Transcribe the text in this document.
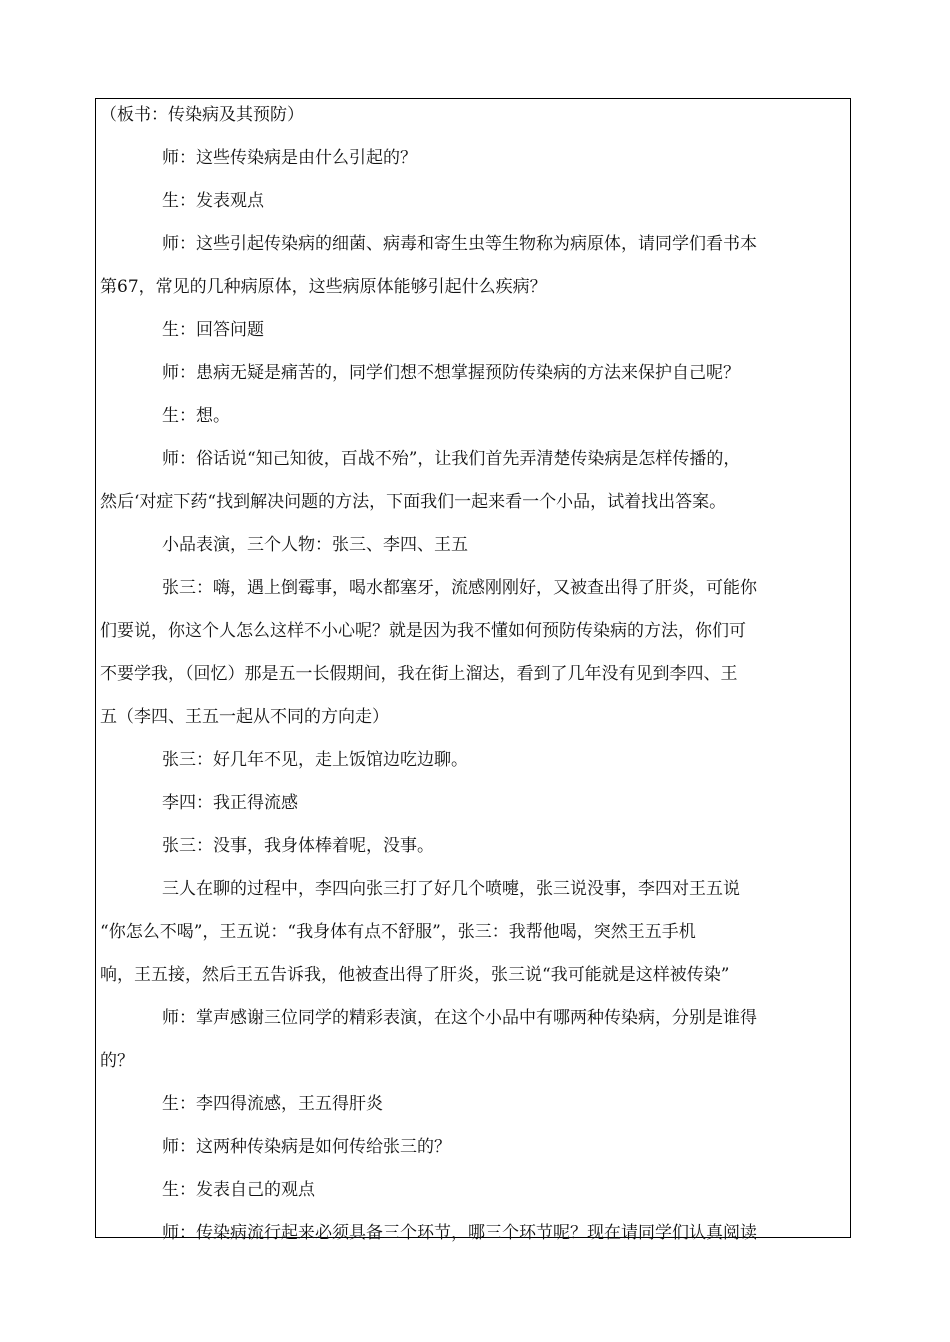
（板书：传染病及其预防）
师：这些传染病是由什么引起的？
生：发表观点
师：这些引起传染病的细菌、病毒和寄生虫等生物称为病原体，请同学们看书本
第67，常见的几种病原体，这些病原体能够引起什么疾病？
生：回答问题
师：患病无疑是痛苦的，同学们想不想掌握预防传染病的方法来保护自己呢？
生：想。
师：俗话说“知己知彼，百战不殆”，让我们首先弄清楚传染病是怎样传播的，
然后‘对症下药“找到解决问题的方法，下面我们一起来看一个小品，试着找出答案。
小品表演，三个人物：张三、李四、王五
张三：嗨，遇上倒霉事，喝水都塞牙，流感刚刚好，又被查出得了肝炎，可能你
们要说，你这个人怎么这样不小心呢？就是因为我不懂如何预防传染病的方法，你们可
不要学我，（回忆）那是五一长假期间，我在街上溜达，看到了几年没有见到李四、王
五（李四、王五一起从不同的方向走）
张三：好几年不见，走上饭馆边吃边聊。
李四：我正得流感
张三：没事，我身体棒着呢，没事。
三人在聊的过程中，李四向张三打了好几个喷嚏，张三说没事，李四对王五说
“你怎么不喝”，王五说：“我身体有点不舒服”，张三：我帮他喝，突然王五手机
响，王五接，然后王五告诉我，他被查出得了肝炎，张三说“我可能就是这样被传染”
师：掌声感谢三位同学的精彩表演，在这个小品中有哪两种传染病，分别是谁得
的？
生：李四得流感，王五得肝炎
师：这两种传染病是如何传给张三的？
生：发表自己的观点
师：传染病流行起来必须具备三个环节，哪三个环节呢？现在请同学们认真阅读
